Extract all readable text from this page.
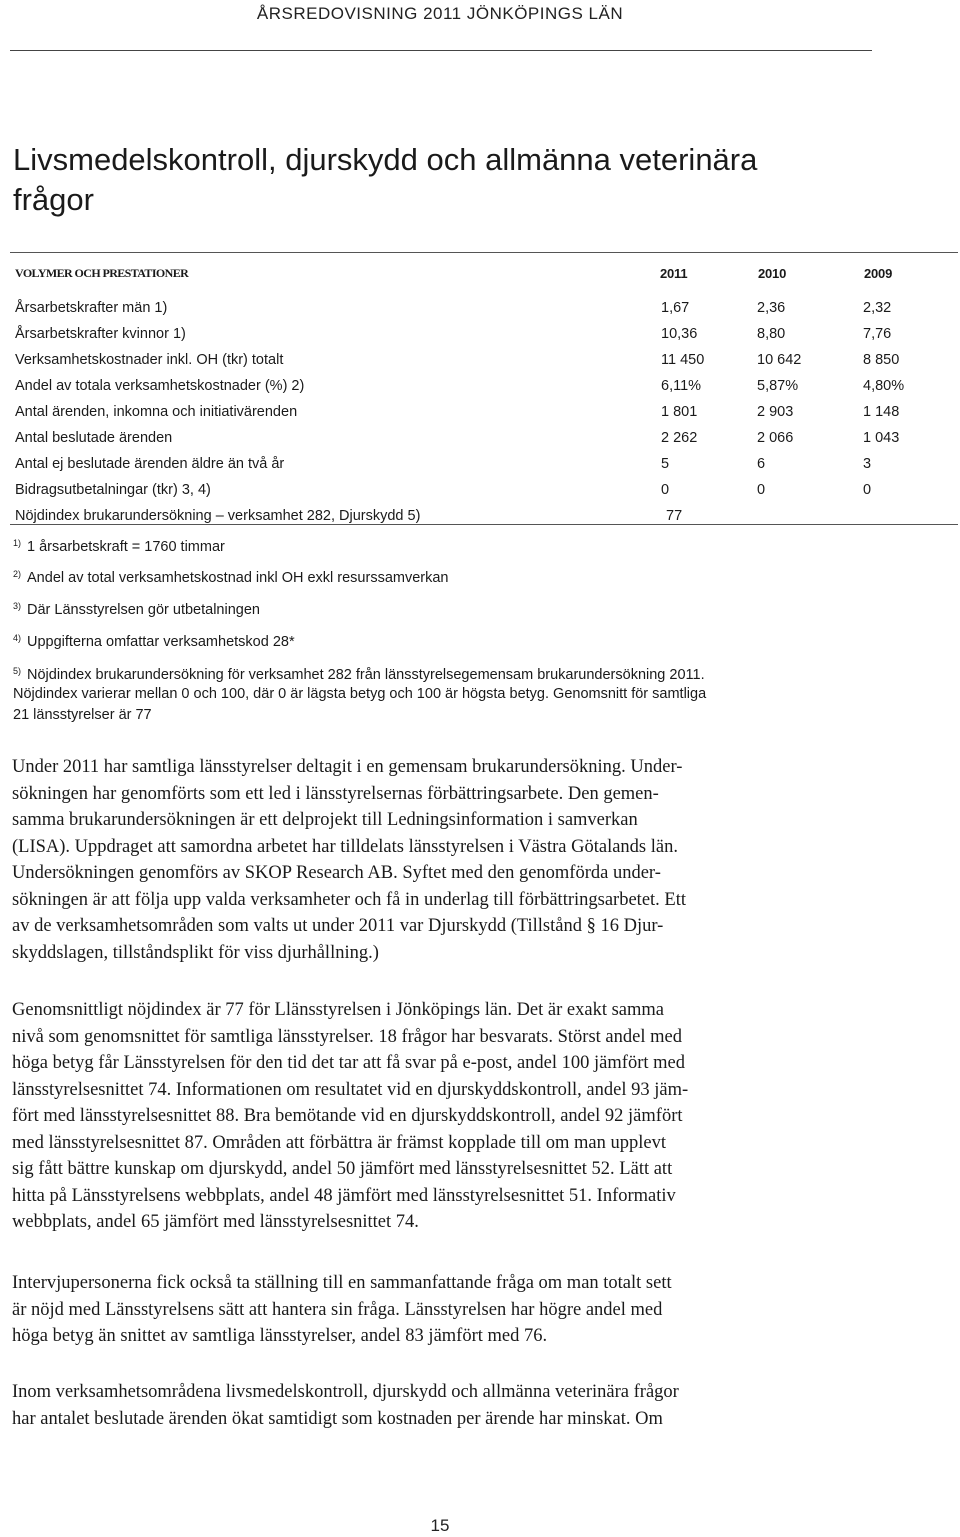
ÅRSREDOVISNING 2011 JÖNKÖPINGS LÄN
Livsmedelskontroll, djurskydd och allmänna veterinära
frågor
VOLYMER OCH PRESTATIONER	2011	2010	2009
Årsarbetskrafter män 1)	1,67	2,36	2,32
Årsarbetskrafter kvinnor 1)	10,36	8,80	7,76
Verksamhetskostnader inkl. OH (tkr) totalt	11 450	10 642	8 850
Andel av totala verksamhetskostnader (%) 2)	6,11%	5,87%	4,80%
Antal ärenden, inkomna och initiativärenden	1 801	2 903	1 148
Antal beslutade ärenden	2 262	2 066	1 043
Antal ej beslutade ärenden äldre än två år	5	6	3
Bidragsutbetalningar (tkr) 3, 4)	0	0	0
Nöjdindex brukarundersökning – verksamhet 282, Djurskydd 5)	77
$^{1)}$ 1 årsarbetskraft = 1760 timmar
$^{2)}$ Andel av total verksamhetskostnad inkl OH exkl resurssamverkan
$^{3)}$ Där Länsstyrelsen gör utbetalningen
$^{4)}$ Uppgifterna omfattar verksamhetskod 28*
$^{5)}$ Nöjdindex brukarundersökning för verksamhet 282 från länsstyrelsegemensam brukarundersökning 2011.
Nöjdindex varierar mellan 0 och 100, där 0 är lägsta betyg och 100 är högsta betyg. Genomsnitt för samtliga
21 länsstyrelser är 77

Under 2011 har samtliga länsstyrelser deltagit i en gemensam brukarundersökning. Under-
sökningen har genomförts som ett led i länsstyrelsernas förbättringsarbete. Den gemen-
samma brukarundersökningen är ett delprojekt till Ledningsinformation i samverkan
(LISA). Uppdraget att samordna arbetet har tilldelats länsstyrelsen i Västra Götalands län.
Undersökningen genomförs av SKOP Research AB. Syftet med den genomförda under-
sökningen är att följa upp valda verksamheter och få in underlag till förbättringsarbetet. Ett
av de verksamhetsområden som valts ut under 2011 var Djurskydd (Tillstånd § 16 Djur-
skyddslagen, tillståndsplikt för viss djurhållning.)

Genomsnittligt nöjdindex är 77 för Llänsstyrelsen i Jönköpings län. Det är exakt samma
nivå som genomsnittet för samtliga länsstyrelser. 18 frågor har besvarats. Störst andel med
höga betyg får Länsstyrelsen för den tid det tar att få svar på e-post, andel 100 jämfört med
länsstyrelsesnittet 74. Informationen om resultatet vid en djurskyddskontroll, andel 93 jäm-
fört med länsstyrelsesnittet 88. Bra bemötande vid en djurskyddskontroll, andel 92 jämfört
med länsstyrelsesnittet 87. Områden att förbättra är främst kopplade till om man upplevt
sig fått bättre kunskap om djurskydd, andel 50 jämfört med länsstyrelsesnittet 52. Lätt att
hitta på Länsstyrelsens webbplats, andel 48 jämfört med länsstyrelsesnittet 51. Informativ
webbplats, andel 65 jämfört med länsstyrelsesnittet 74.

Intervjupersonerna fick också ta ställning till en sammanfattande fråga om man totalt sett
är nöjd med Länsstyrelsens sätt att hantera sin fråga. Länsstyrelsen har högre andel med
höga betyg än snittet av samtliga länsstyrelser, andel 83 jämfört med 76.

Inom verksamhetsområdena livsmedelskontroll, djurskydd och allmänna veterinära frågor
har antalet beslutade ärenden ökat samtidigt som kostnaden per ärende har minskat. Om

15
